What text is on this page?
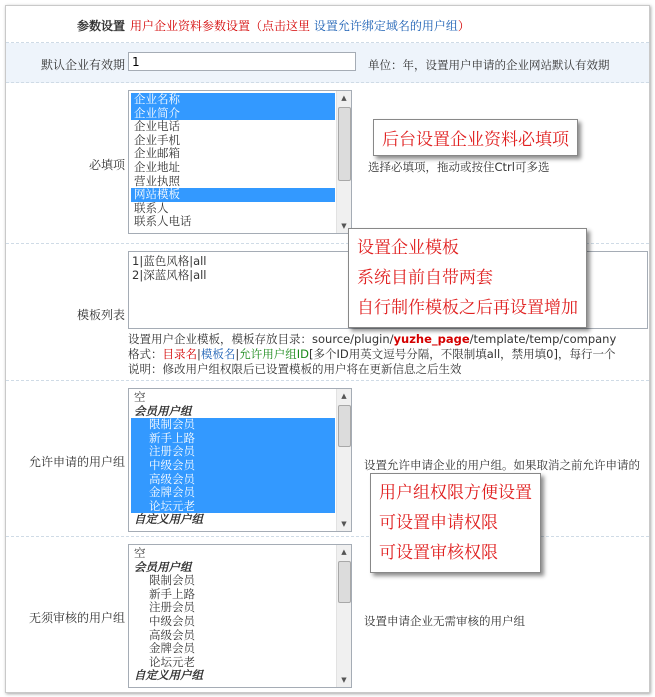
参数设置 用户企业资料参数设置（点击这里 设置允许绑定域名的用户组）
默认企业有效期
1	单位：年，设置用户申请的企业网站默认有效期
必填项
企业名称
企业简介
企业电话
企业手机
企业邮箱
企业地址
营业执照
网站模板
联系人
联系人电话
▲
▼
选择必填项，拖动或按住Ctrl可多选
模板列表
1|蓝色风格|all
2|深蓝风格|all
设置用户企业模板，模板存放目录：source/plugin/yuzhe_page/template/temp/company
格式：目录名|模板名|允许用户组ID[多个ID用英文逗号分隔，不限制填all，禁用填0]，每行一个
说明：修改用户组权限后已设置模板的用户将在更新信息之后生效
允许申请的用户组
空
会员用户组
限制会员
新手上路
注册会员
中级会员
高级会员
金牌会员
论坛元老
自定义用户组
▲
▼
设置允许申请企业的用户组。如果取消之前允许申请的
无须审核的用户组
空
会员用户组
限制会员
新手上路
注册会员
中级会员
高级会员
金牌会员
论坛元老
自定义用户组
▲
▼
设置申请企业无需审核的用户组
后台设置企业资料必填项
设置企业模板
系统目前自带两套
自行制作模板之后再设置增加
用户组权限方便设置
可设置申请权限
可设置审核权限
